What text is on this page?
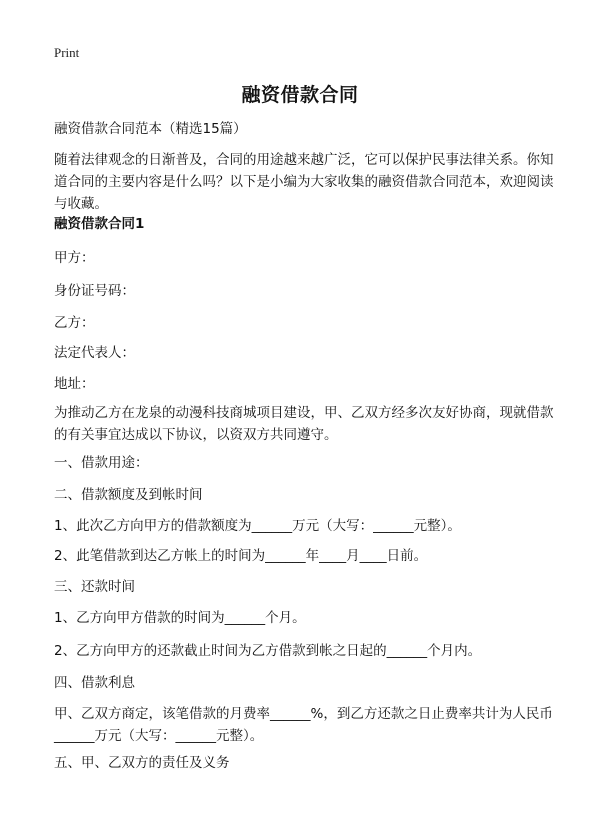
Print
融资借款合同
融资借款合同范本（精选15篇）
随着法律观念的日渐普及，合同的用途越来越广泛，它可以保护民事法律关系。你知道合同的主要内容是什么吗？以下是小编为大家收集的融资借款合同范本，欢迎阅读与收藏。
融资借款合同1
甲方：
身份证号码：
乙方：
法定代表人：
地址：
为推动乙方在龙泉的动漫科技商城项目建设，甲、乙双方经多次友好协商，现就借款的有关事宜达成以下协议，以资双方共同遵守。
一、借款用途：
二、借款额度及到帐时间
1、此次乙方向甲方的借款额度为______万元（大写：______元整）。
2、此笔借款到达乙方帐上的时间为______年____月____日前。
三、还款时间
1、乙方向甲方借款的时间为______个月。
2、乙方向甲方的还款截止时间为乙方借款到帐之日起的______个月内。
四、借款利息
甲、乙双方商定，该笔借款的月费率______%，到乙方还款之日止费率共计为人民币______万元（大写：______元整）。
五、甲、乙双方的责任及义务
